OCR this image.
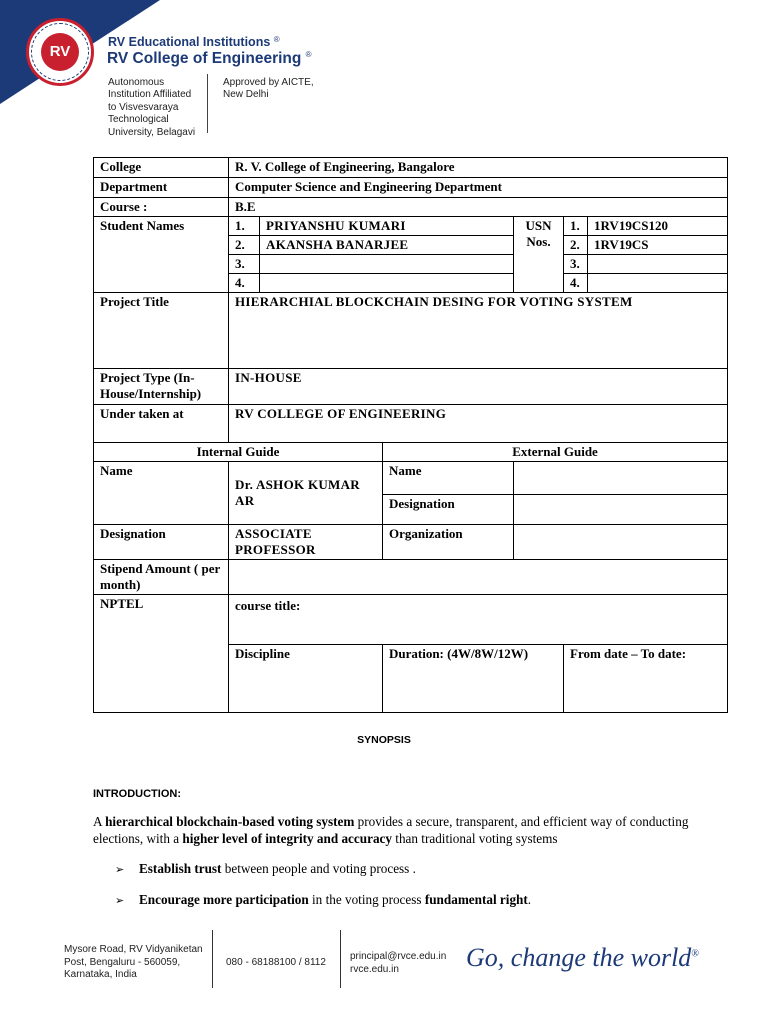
RV
RV Educational Institutions ®
RV College of Engineering ®
Autonomous
Institution Affiliated
to Visvesvaraya
Technological
University, Belagavi
Approved by AICTE,
New Delhi
College	R. V. College of Engineering, Bangalore					
Department	Computer Science and Engineering Department					
Course :	B.E					
Student Names	1.	PRIYANSHU KUMARI		USN Nos.	1.	1RV19CS120
	2.	AKANSHA BANARJEE			2.	1RV19CS
	3.				3.	
	4.				4.	
Project Title	HIERARCHIAL BLOCKCHAIN DESING FOR VOTING SYSTEM					
Project Type (In-House/Internship)	IN-HOUSE					
Under taken at	RV COLLEGE OF ENGINEERING					
Internal Guide			External Guide			
Name	Dr. ASHOK KUMAR AR		Name			
			Designation			
Designation	ASSOCIATE PROFESSOR		Organization			
Stipend Amount ( per month)						
NPTEL	course title:					
	Discipline		Duration: (4W/8W/12W)		From date – To date:	
SYNOPSIS
INTRODUCTION:
A hierarchical blockchain-based voting system provides a secure, transparent, and efficient way of conducting elections, with a higher level of integrity and accuracy than traditional voting systems
➢ Establish trust between people and voting process .
➢ Encourage more participation in the voting process fundamental right.
Mysore Road, RV Vidyaniketan
Post, Bengaluru - 560059,
Karnataka, India
080 - 68188100 / 8112
principal@rvce.edu.in
rvce.edu.in	Go, change the world®
